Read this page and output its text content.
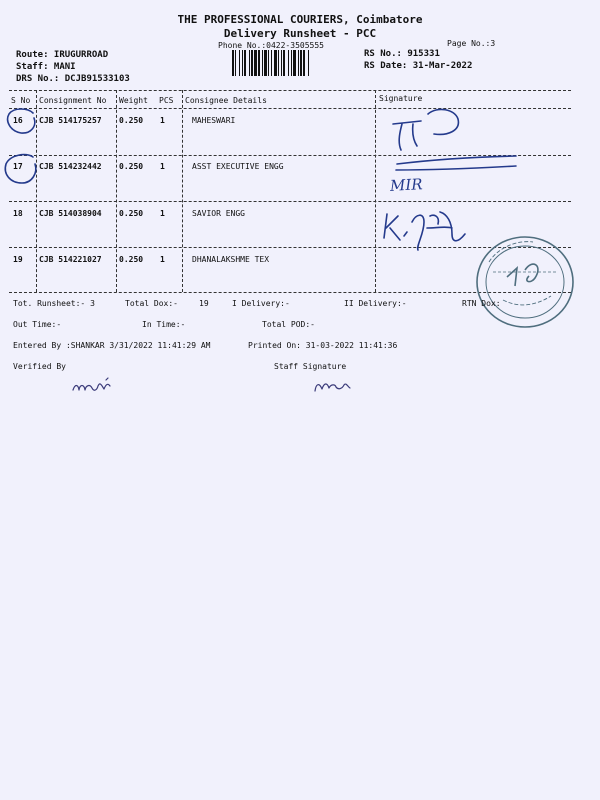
THE PROFESSIONAL COURIERS, Coimbatore
Delivery Runsheet - PCC
Phone No.:0422-3505555	Page No.:3
Route: IRUGURROAD
Staff: MANI
DRS No.: DCJB91533103
RS No.: 915331
RS Date: 31-Mar-2022
S No Consignment No Weight PCS Consignee Details	Signature
16 CJB 514175257 0.250 1	MAHESWARI
17 CJB 514232442 0.250 1	ASST EXECUTIVE ENGG
18 CJB 514038904 0.250 1	SAVIOR ENGG
19 CJB 514221027 0.250 1	DHANALAKSHME TEX
MIR
Tot. Runsheet:- 3	Total Dox:-	19	I Delivery:-	II Delivery:-	RTN Dox:
Out Time:-	In Time:-	Total POD:-
Entered By :SHANKAR 3/31/2022 11:41:29 AM	Printed On: 31-03-2022 11:41:36
Verified By	Staff Signature
